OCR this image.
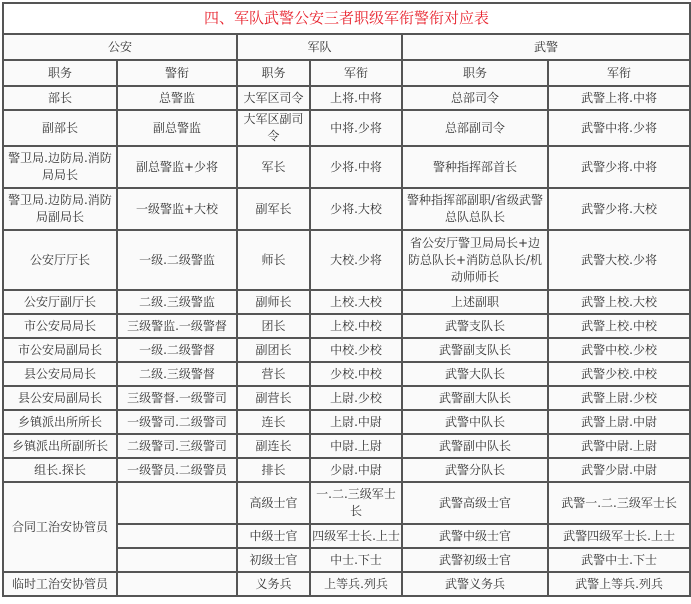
四、军队武警公安三者职级军衔警衔对应表					
公安		军队		武警	
职务	警衔	职务	军衔	职务	军衔
部长	总警监	大军区司令	上将.中将	总部司令	武警上将.中将
副部长	副总警监	大军区副司令	中将.少将	总部副司令	武警中将.少将
警卫局.边防局.消防局局长	副总警监+少将	军长	少将.中将	警种指挥部首长	武警少将.中将
警卫局.边防局.消防局副局长	一级警监+大校	副军长	少将.大校	警种指挥部副职/省级武警总队总队长	武警少将.大校
公安厅厅长	一级.二级警监	师长	大校.少将	省公安厅警卫局局长+边防总队长+消防总队长/机动师师长	武警大校.少将
公安厅副厅长	二级.三级警监	副师长	上校.大校	上述副职	武警上校.大校
市公安局局长	三级警监.一级警督	团长	上校.中校	武警支队长	武警上校.中校
市公安局副局长	一级.二级警督	副团长	中校.少校	武警副支队长	武警中校.少校
县公安局局长	二级.三级警督	营长	少校.中校	武警大队长	武警少校.中校
县公安局副局长	三级警督.一级警司	副营长	上尉.少校	武警副大队长	武警上尉.少校
乡镇派出所所长	一级警司.二级警司	连长	上尉.中尉	武警中队长	武警上尉.中尉
乡镇派出所副所长	二级警司.三级警司	副连长	中尉.上尉	武警副中队长	武警中尉.上尉
组长.探长	一级警员.二级警员	排长	少尉.中尉	武警分队长	武警少尉.中尉
合同工治安协管员		高级士官	一.二.三级军士长	武警高级士官	武警一.二.三级军士长
		中级士官	四级军士长.上士	武警中级士官	武警四级军士长.上士
		初级士官	中士.下士	武警初级士官	武警中士.下士
临时工治安协管员		义务兵	上等兵.列兵	武警义务兵	武警上等兵.列兵
